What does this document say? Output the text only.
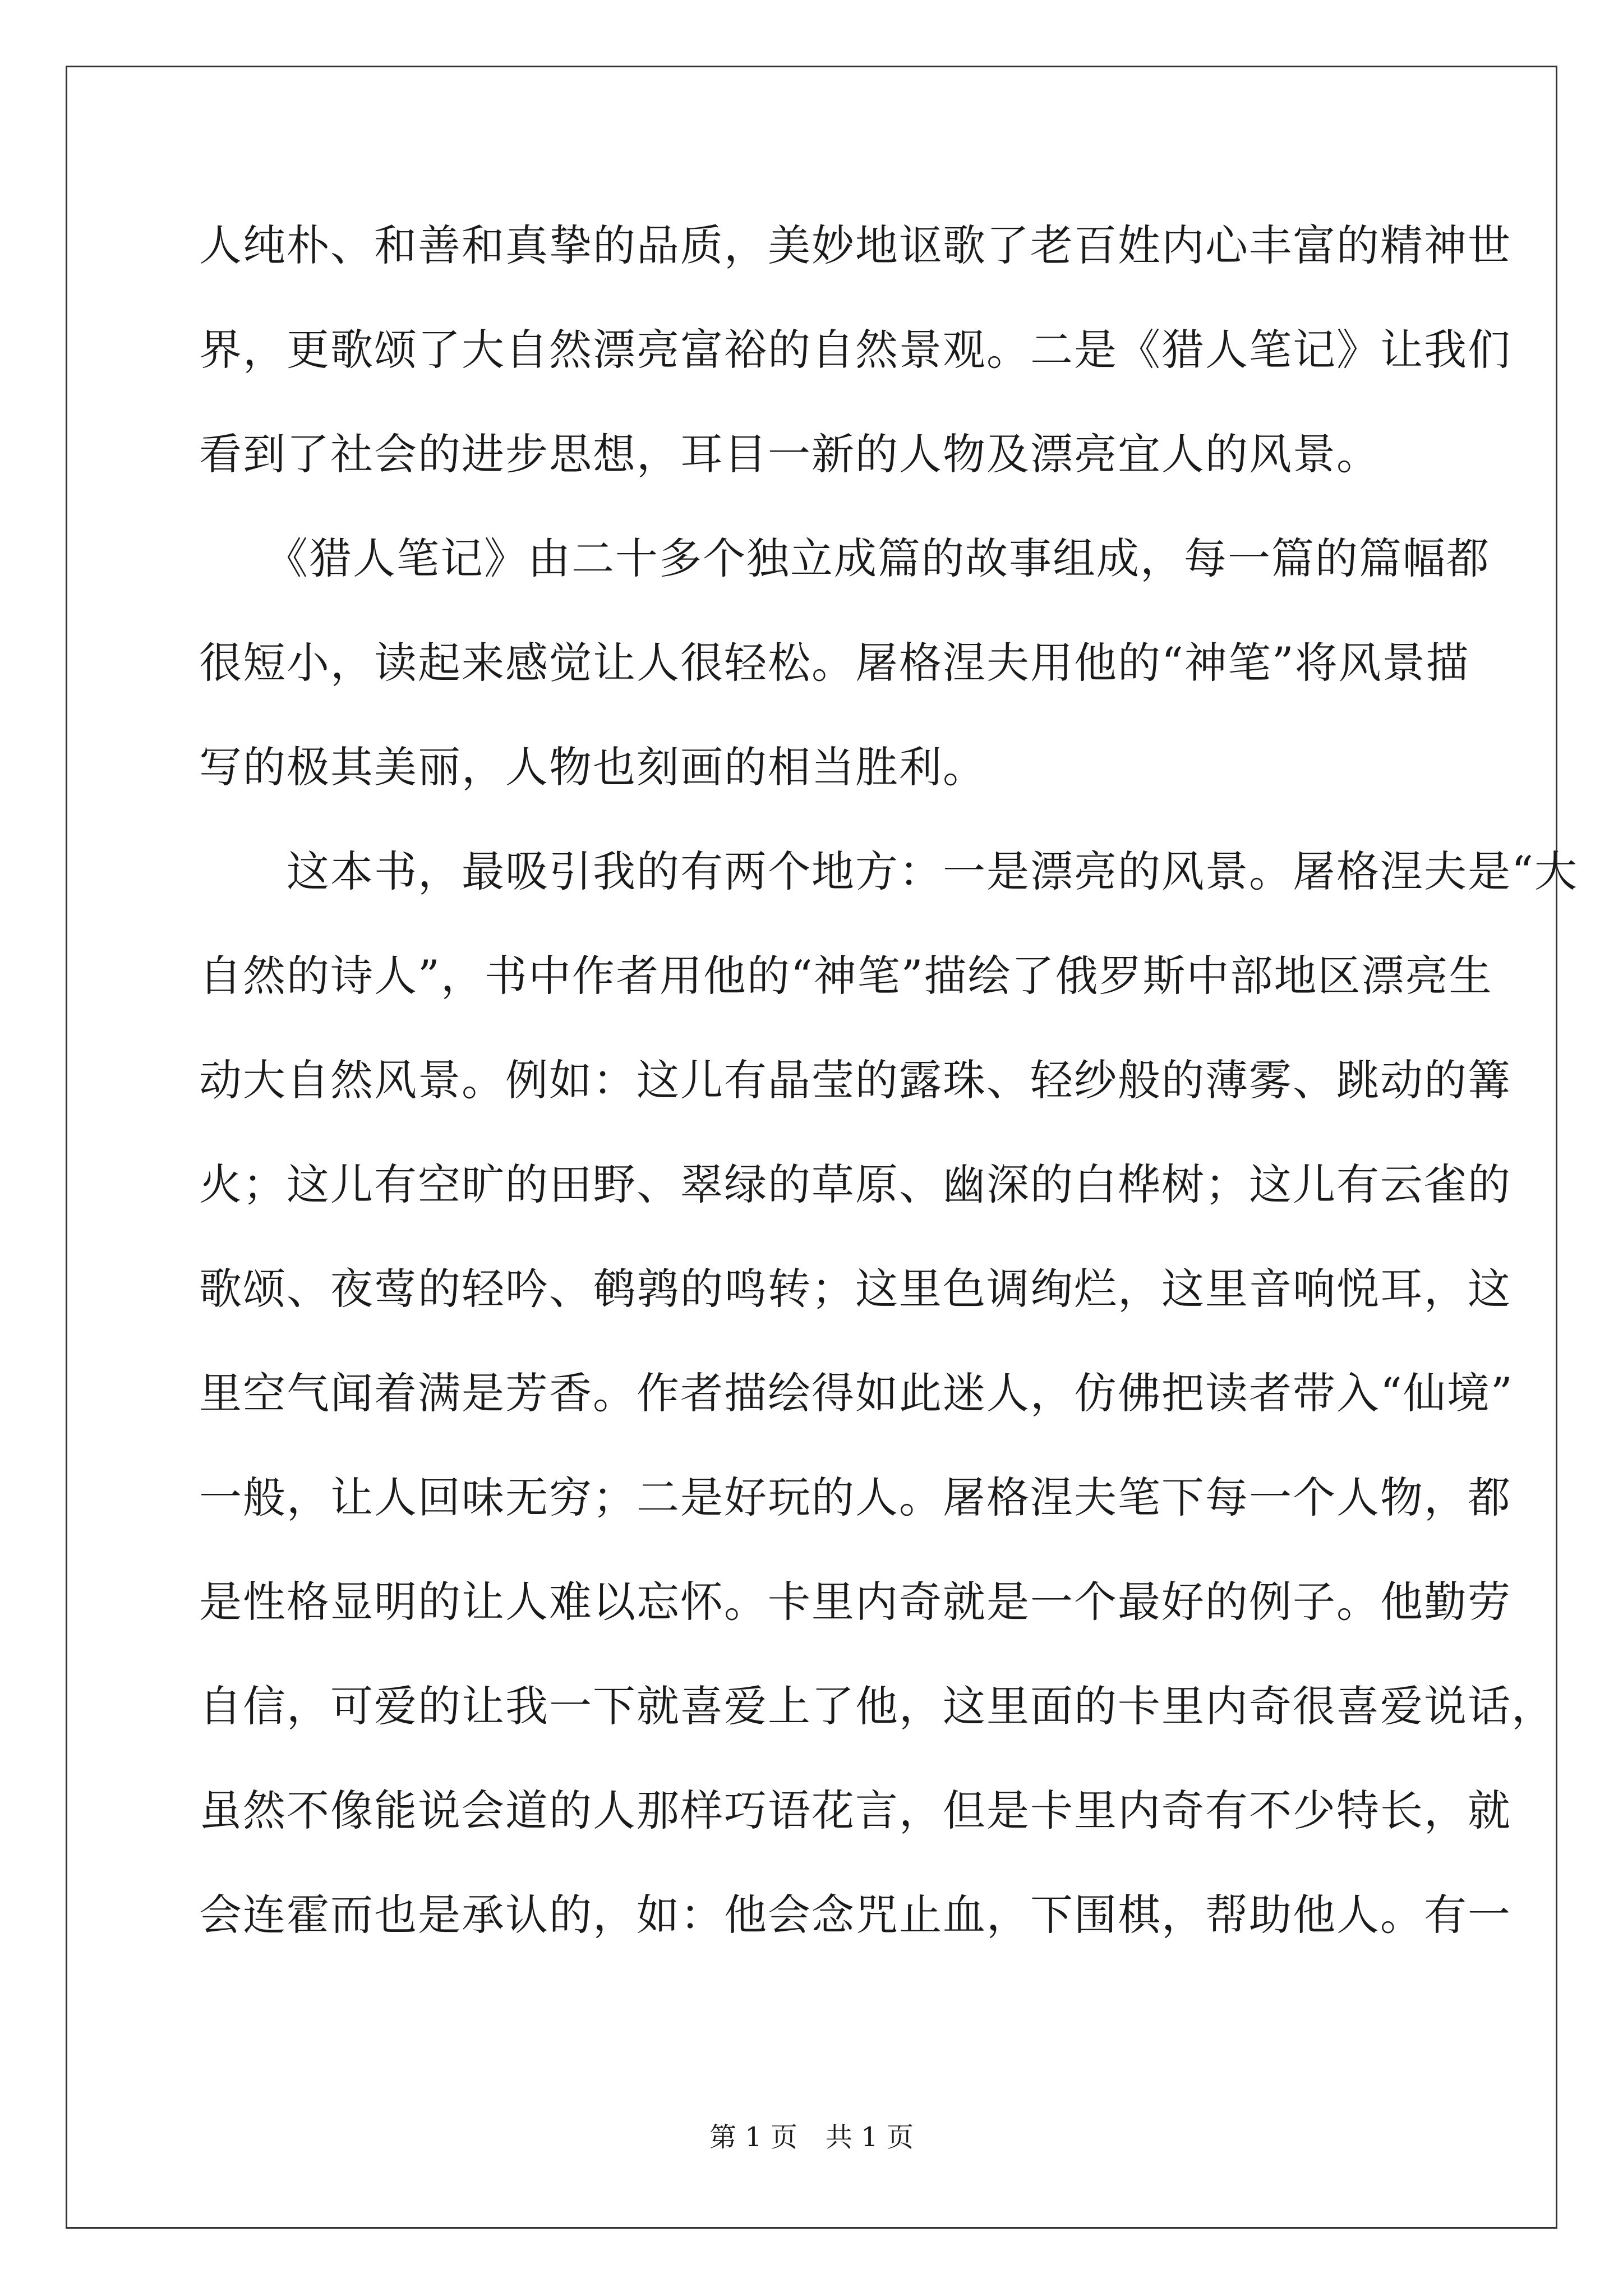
人纯朴、和善和真挚的品质，美妙地讴歌了老百姓内心丰富的精神世
界，更歌颂了大自然漂亮富裕的自然景观。二是《猎人笔记》让我们
看到了社会的进步思想，耳目一新的人物及漂亮宜人的风景。
　　《猎人笔记》由二十多个独立成篇的故事组成，每一篇的篇幅都
很短小，读起来感觉让人很轻松。屠格涅夫用他的“神笔”将风景描
写的极其美丽，人物也刻画的相当胜利。
　　这本书，最吸引我的有两个地方：一是漂亮的风景。屠格涅夫是“大
自然的诗人”，书中作者用他的“神笔”描绘了俄罗斯中部地区漂亮生
动大自然风景。例如：这儿有晶莹的露珠、轻纱般的薄雾、跳动的篝
火；这儿有空旷的田野、翠绿的草原、幽深的白桦树；这儿有云雀的
歌颂、夜莺的轻吟、鹌鹑的鸣转；这里色调绚烂，这里音响悦耳，这
里空气闻着满是芳香。作者描绘得如此迷人，仿佛把读者带入“仙境”
一般，让人回味无穷；二是好玩的人。屠格涅夫笔下每一个人物，都
是性格显明的让人难以忘怀。卡里内奇就是一个最好的例子。他勤劳
自信，可爱的让我一下就喜爱上了他，这里面的卡里内奇很喜爱说话，
虽然不像能说会道的人那样巧语花言，但是卡里内奇有不少特长，就
会连霍而也是承认的，如：他会念咒止血，下围棋，帮助他人。有一
第 1 页 共 1 页
